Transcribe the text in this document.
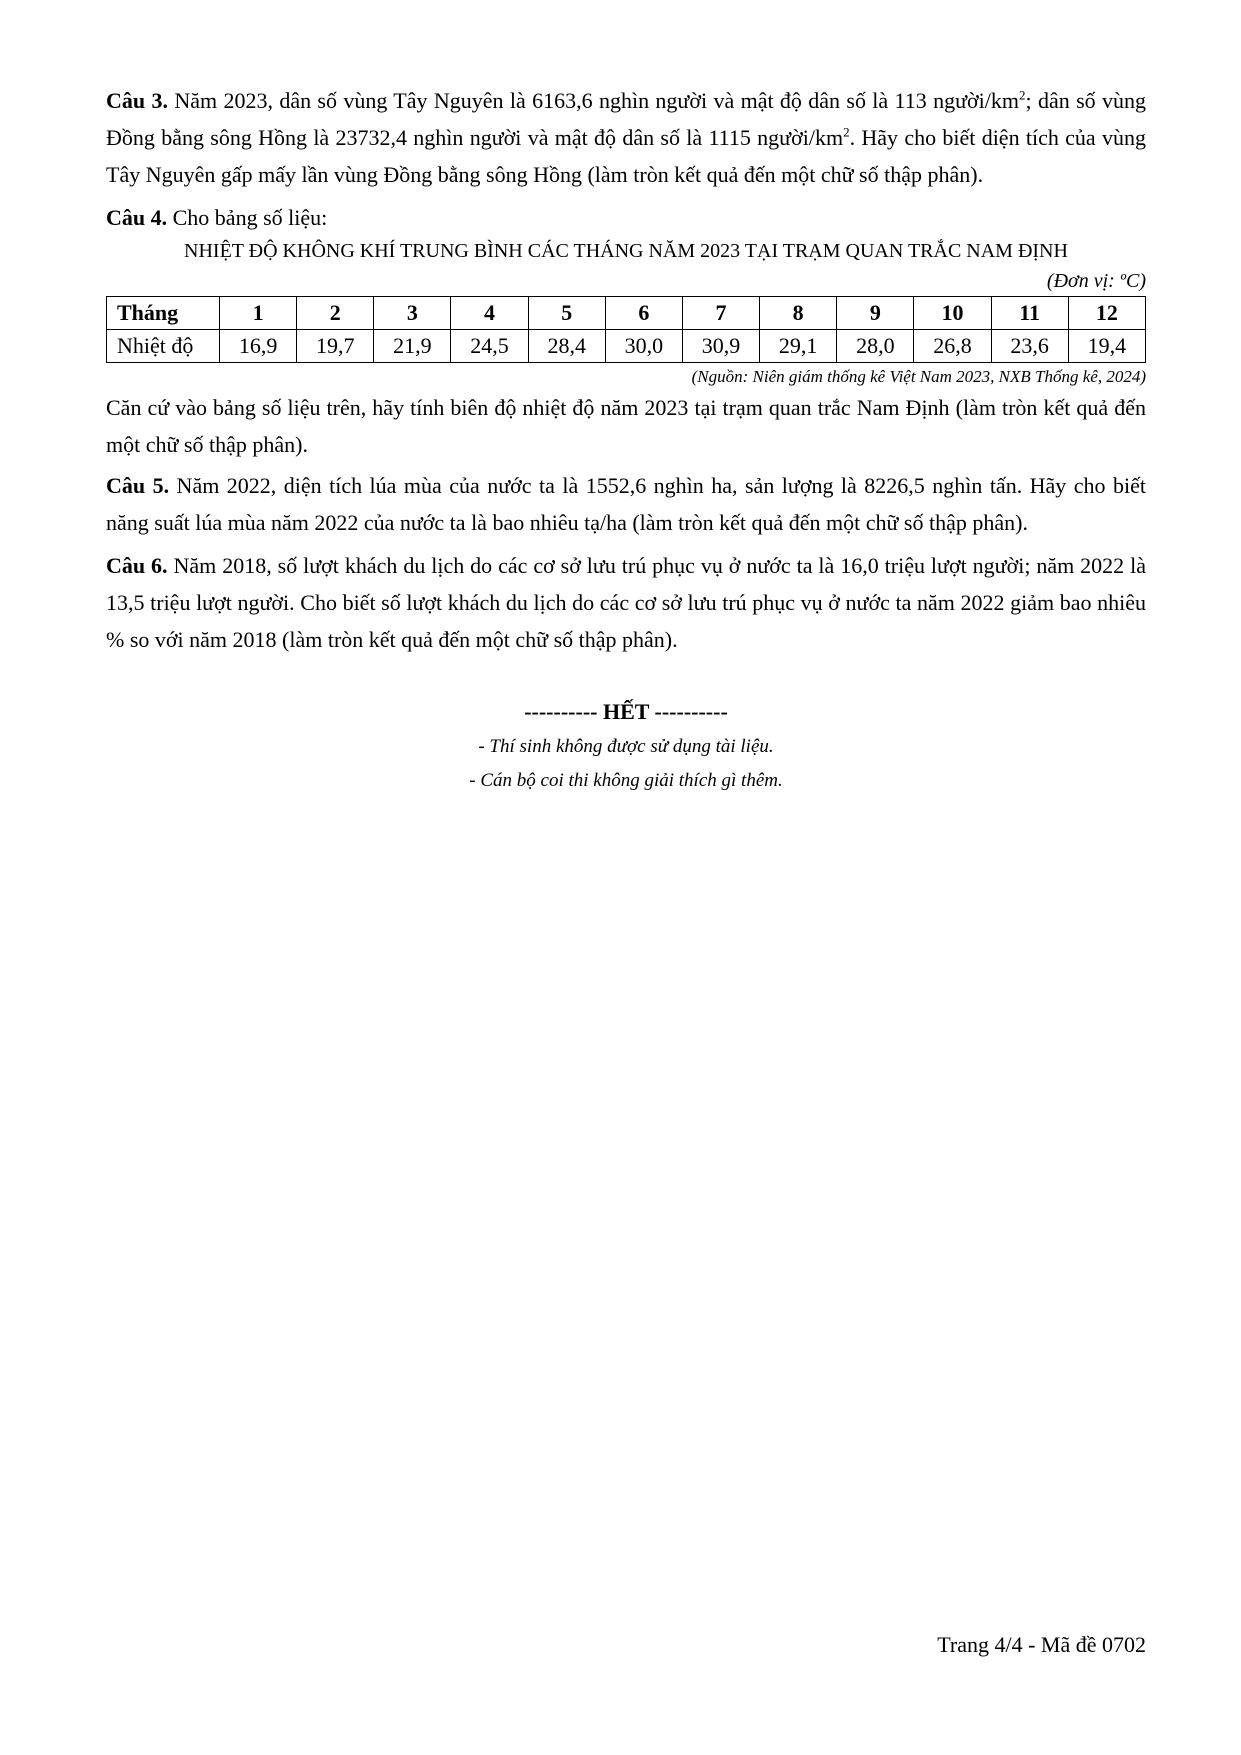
Câu 3. Năm 2023, dân số vùng Tây Nguyên là 6163,6 nghìn người và mật độ dân số là 113 người/$km^2$; dân số vùng Đồng bằng sông Hồng là 23732,4 nghìn người và mật độ dân số là 1115 người/$km^2$. Hãy cho biết diện tích của vùng Tây Nguyên gấp mấy lần vùng Đồng bằng sông Hồng (làm tròn kết quả đến một chữ số thập phân).

Câu 4. Cho bảng số liệu:

NHIỆT ĐỘ KHÔNG KHÍ TRUNG BÌNH CÁC THÁNG NĂM 2023 TẠI TRẠM QUAN TRẮC NAM ĐỊNH

(Đơn vị: ºC)

Tháng	1	2	3	4	5	6	7	8	9	10	11	12
Nhiệt độ	16,9	19,7	21,9	24,5	28,4	30,0	30,9	29,1	28,0	26,8	23,6	19,4

(Nguồn: Niên giám thống kê Việt Nam 2023, NXB Thống kê, 2024)

Căn cứ vào bảng số liệu trên, hãy tính biên độ nhiệt độ năm 2023 tại trạm quan trắc Nam Định (làm tròn kết quả đến một chữ số thập phân).

Câu 5. Năm 2022, diện tích lúa mùa của nước ta là 1552,6 nghìn ha, sản lượng là 8226,5 nghìn tấn. Hãy cho biết năng suất lúa mùa năm 2022 của nước ta là bao nhiêu tạ/ha (làm tròn kết quả đến một chữ số thập phân).

Câu 6. Năm 2018, số lượt khách du lịch do các cơ sở lưu trú phục vụ ở nước ta là 16,0 triệu lượt người; năm 2022 là 13,5 triệu lượt người. Cho biết số lượt khách du lịch do các cơ sở lưu trú phục vụ ở nước ta năm 2022 giảm bao nhiêu % so với năm 2018 (làm tròn kết quả đến một chữ số thập phân).

---------- HẾT ----------

- Thí sinh không được sử dụng tài liệu.

- Cán bộ coi thi không giải thích gì thêm.

Trang 4/4 - Mã đề 0702
